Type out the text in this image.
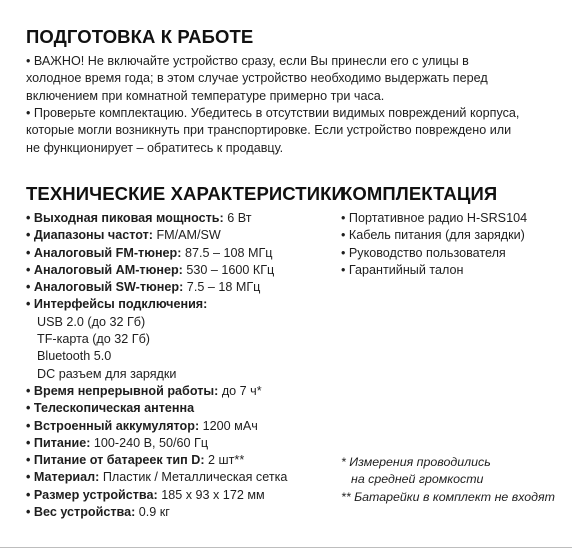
ПОДГОТОВКА К РАБОТЕ

• ВАЖНО! Не включайте устройство сразу, если Вы принесли его с улицы в холодное время года; в этом случае устройство необходимо выдержать перед включением при комнатной температуре примерно три часа.

• Проверьте комплектацию. Убедитесь в отсутствии видимых повреждений корпуса, которые могли возникнуть при транспортировке. Если устройство повреждено или не функционирует – обратитесь к продавцу.

ТЕХНИЧЕСКИЕ ХАРАКТЕРИСТИКИ
• Выходная пиковая мощность: 6 Вт
• Диапазоны частот: FM/AM/SW
• Аналоговый FM-тюнер: 87.5 – 108 МГц
• Аналоговый АМ-тюнер: 530 – 1600 КГц
• Аналоговый SW-тюнер: 7.5 – 18 МГц
• Интерфейсы подключения:
USB 2.0 (до 32 Гб)
TF-карта (до 32 Гб)
Bluetooth 5.0
DC разъем для зарядки
• Время непрерывной работы: до 7 ч*
• Телескопическая антенна
• Встроенный аккумулятор: 1200 мАч
• Питание: 100-240 В, 50/60 Гц
• Питание от батареек тип D: 2 шт**
• Материал: Пластик / Металлическая сетка
• Размер устройства: 185 х 93 х 172 мм
• Вес устройства: 0.9 кг
КОМПЛЕКТАЦИЯ
• Портативное радио H-SRS104
• Кабель питания (для зарядки)
• Руководство пользователя
• Гарантийный талон
* Измерения проводились
на средней громкости
** Батарейки в комплект не входят
